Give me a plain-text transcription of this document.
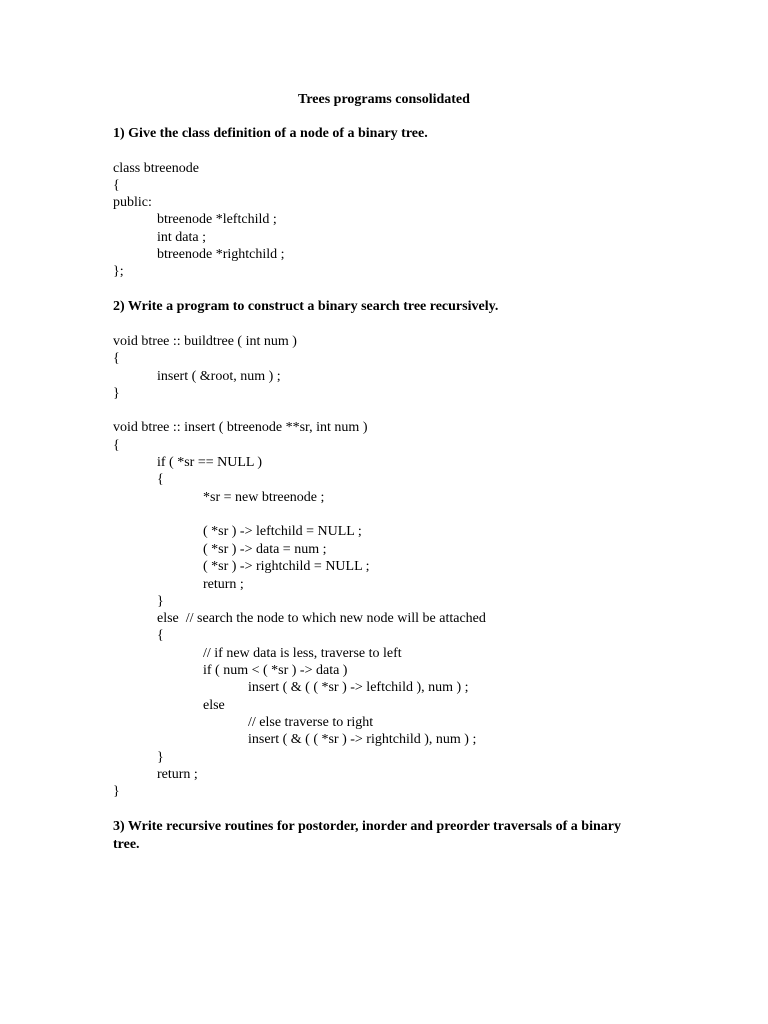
Trees programs consolidated
1) Give the class definition of a node of a binary tree.
class btreenode
{
public:
btreenode *leftchild ;
int data ;
btreenode *rightchild ;
};
2) Write a program to construct a binary search tree recursively.
void btree :: buildtree ( int num )
{
insert ( &root, num ) ;
}
void btree :: insert ( btreenode **sr, int num )
{
if ( *sr == NULL )
{
*sr = new btreenode ;
( *sr ) -> leftchild = NULL ;
( *sr ) -> data = num ;
( *sr ) -> rightchild = NULL ;
return ;
}
else  // search the node to which new node will be attached
{
// if new data is less, traverse to left
if ( num < ( *sr ) -> data )
insert ( & ( ( *sr ) -> leftchild ), num ) ;
else
// else traverse to right
insert ( & ( ( *sr ) -> rightchild ), num ) ;
}
return ;
}
3) Write recursive routines for postorder, inorder and preorder traversals of a binary tree.
